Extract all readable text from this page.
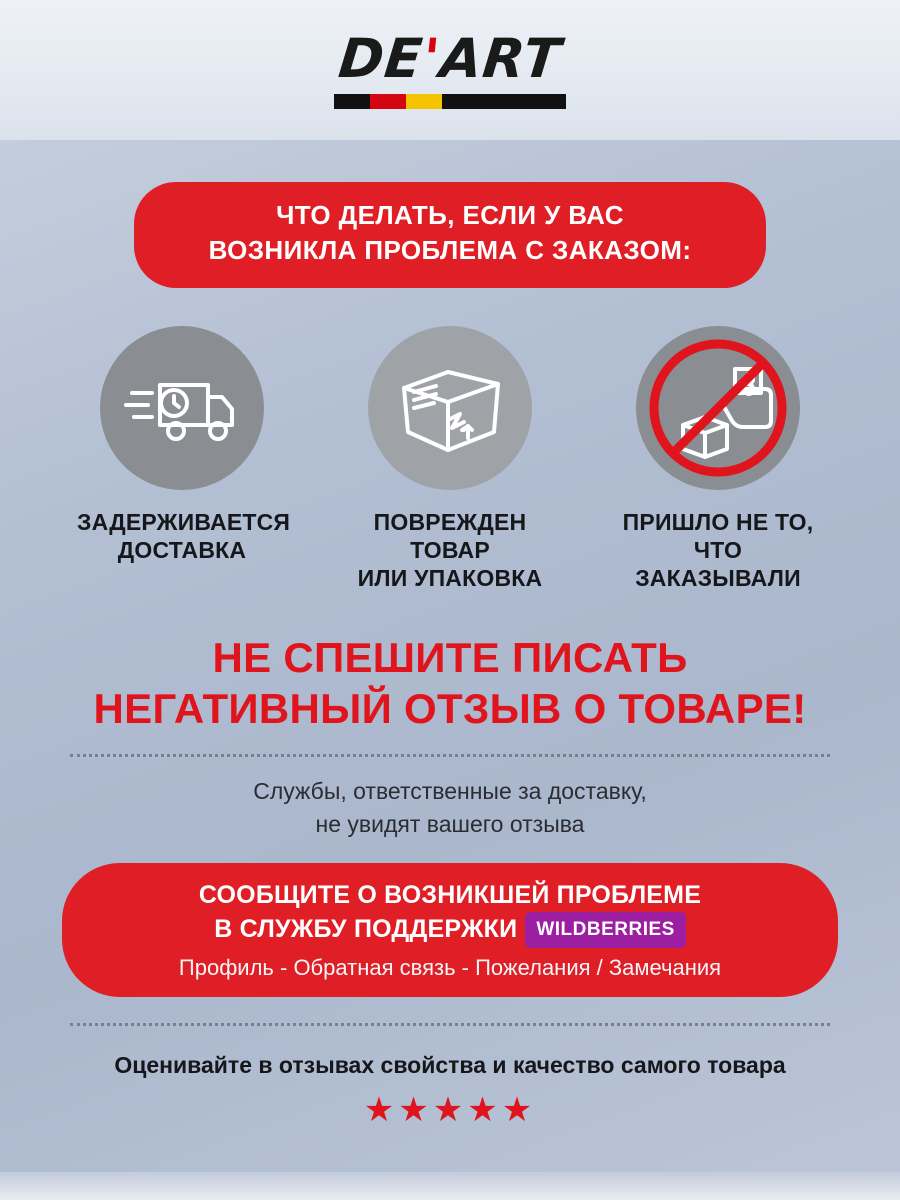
DE'ART
ЧТО ДЕЛАТЬ, ЕСЛИ У ВАС
ВОЗНИКЛА ПРОБЛЕМА С ЗАКАЗОМ:
ЗАДЕРЖИВАЕТСЯ
ДОСТАВКА
ПОВРЕЖДЕН ТОВАР
ИЛИ УПАКОВКА
ПРИШЛО НЕ ТО,
ЧТО ЗАКАЗЫВАЛИ
НЕ СПЕШИТЕ ПИСАТЬ
НЕГАТИВНЫЙ ОТЗЫВ О ТОВАРЕ!
Службы, ответственные за доставку,
не увидят вашего отзыва
СООБЩИТЕ О ВОЗНИКШЕЙ ПРОБЛЕМЕ
В СЛУЖБУ ПОДДЕРЖКИ WILDBERRIES
Профиль - Обратная связь - Пожелания / Замечания
Оценивайте в отзывах свойства и качество самого товара
★★★★★
